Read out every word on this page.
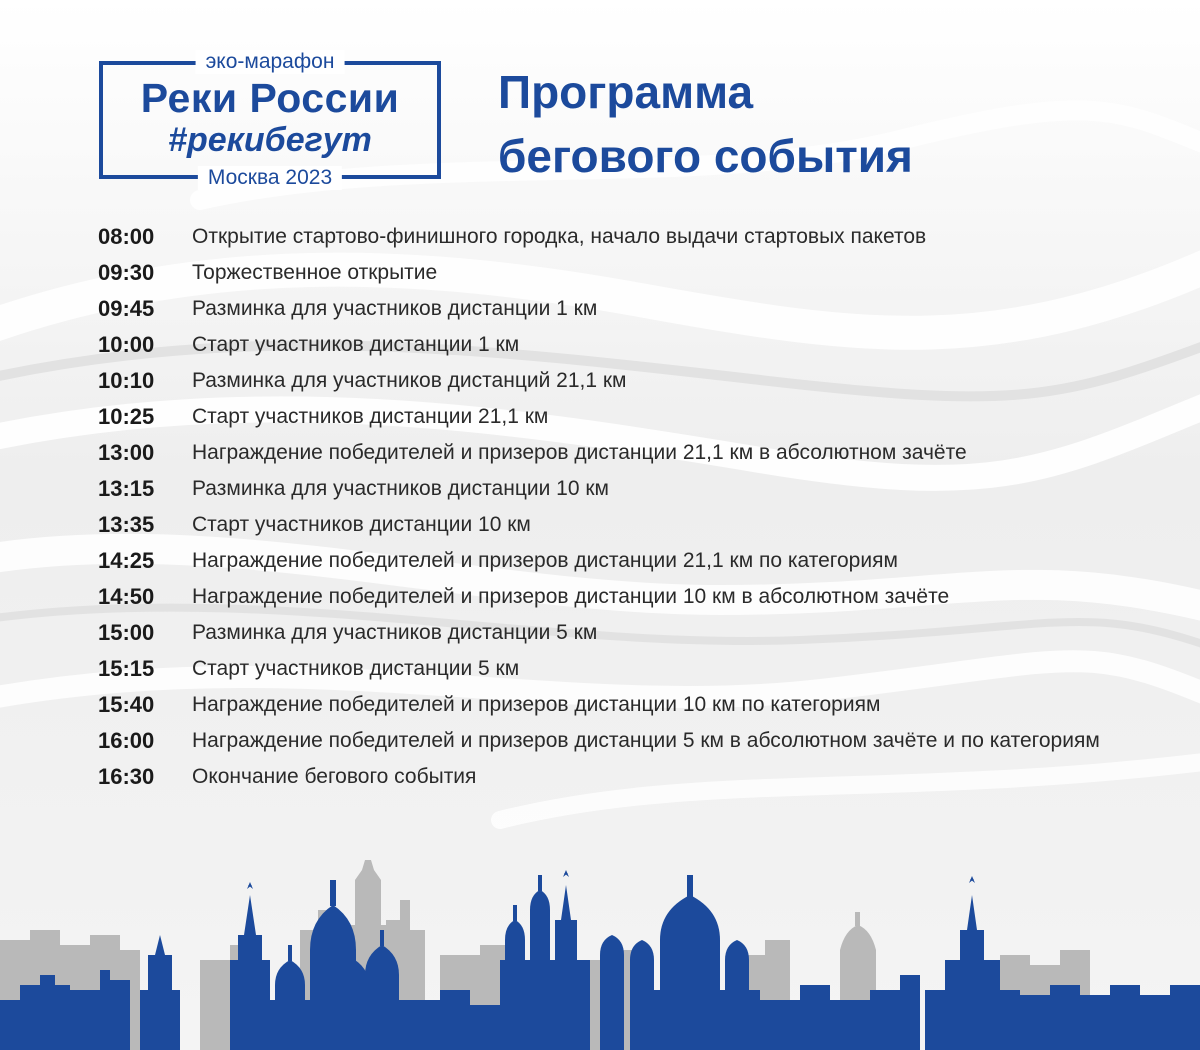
эко-марафон
Реки России
#рекибегут
Москва 2023
Программа
бегового события
08:00	Открытие стартово-финишного городка, начало выдачи стартовых пакетов
09:30	Торжественное открытие
09:45	Разминка для участников дистанции 1 км
10:00	Старт участников дистанции 1 км
10:10	Разминка для участников дистанций 21,1 км
10:25	Старт участников дистанции 21,1 км
13:00	Награждение победителей и призеров дистанции 21,1 км в абсолютном зачёте
13:15	Разминка для участников дистанции 10 км
13:35	Старт участников дистанции 10 км
14:25	Награждение победителей и призеров дистанции 21,1 км по категориям
14:50	Награждение победителей и призеров дистанции 10 км в абсолютном зачёте
15:00	Разминка для участников дистанции 5 км
15:15	Старт участников дистанции 5 км
15:40	Награждение победителей и призеров дистанции 10 км по категориям
16:00	Награждение победителей и призеров дистанции 5 км в абсолютном зачёте и по категориям
16:30	Окончание бегового события
